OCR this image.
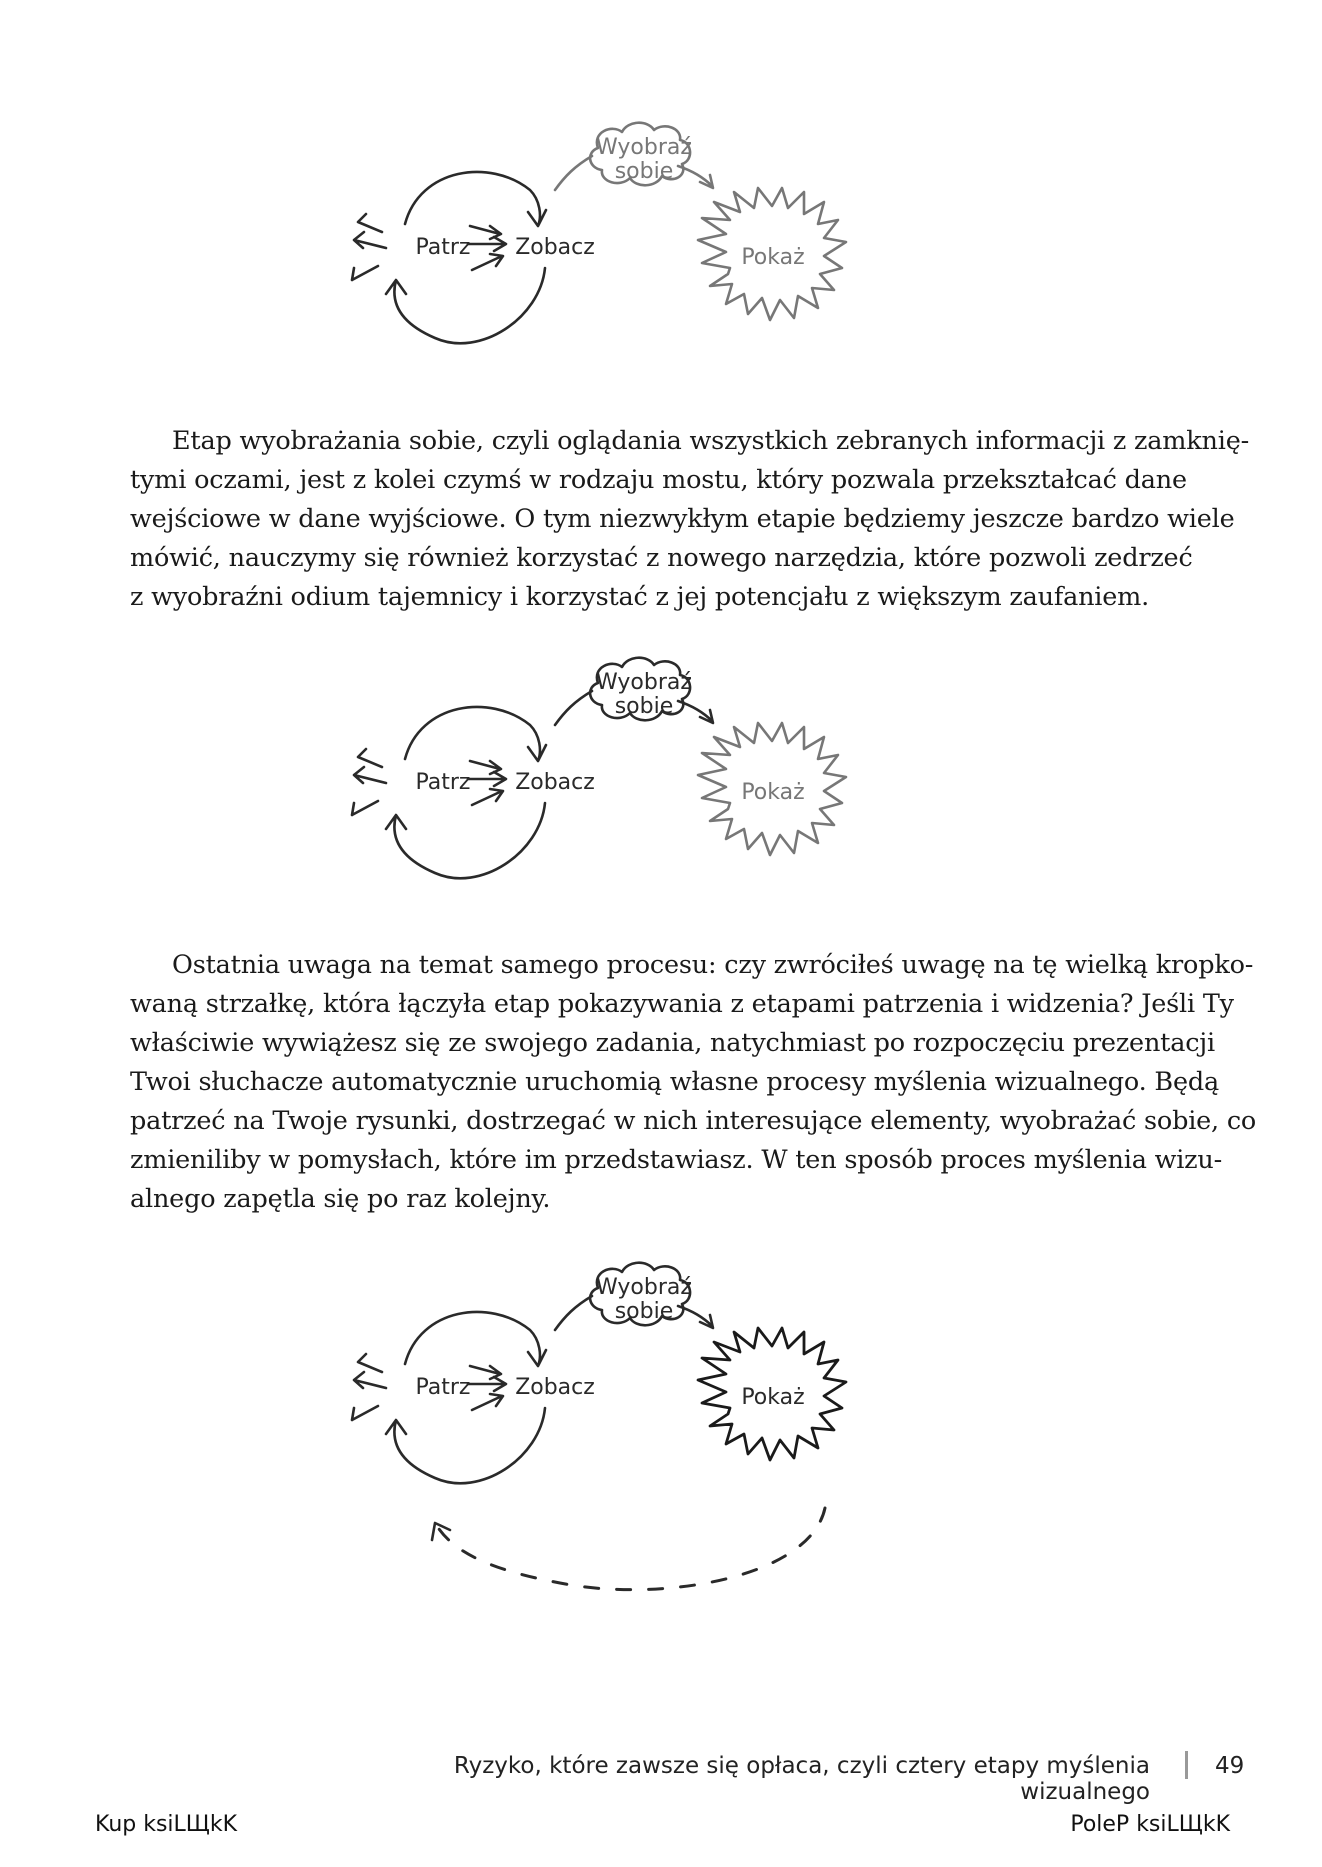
Wyobraź
sobie
Patrz Zobacz	Pokaż
Etap wyobrażania sobie, czyli oglądania wszystkich zebranych informacji z zamknię-
tymi oczami, jest z kolei czymś w rodzaju mostu, który pozwala przekształcać dane
wejściowe w dane wyjściowe. O tym niezwykłym etapie będziemy jeszcze bardzo wiele
mówić, nauczymy się również korzystać z nowego narzędzia, które pozwoli zedrzeć
z wyobraźni odium tajemnicy i korzystać z jej potencjału z większym zaufaniem.
Wyobraź
sobie
Patrz Zobacz	Pokaż
Ostatnia uwaga na temat samego procesu: czy zwróciłeś uwagę na tę wielką kropko-
waną strzałkę, która łączyła etap pokazywania z etapami patrzenia i widzenia? Jeśli Ty
właściwie wywiążesz się ze swojego zadania, natychmiast po rozpoczęciu prezentacji
Twoi słuchacze automatycznie uruchomią własne procesy myślenia wizualnego. Będą
patrzeć na Twoje rysunki, dostrzegać w nich interesujące elementy, wyobrażać sobie, co
zmieniliby w pomysłach, które im przedstawiasz. W ten sposób proces myślenia wizu-
alnego zapętla się po raz kolejny.
Wyobraź
sobie
Patrz Zobacz	Pokaż
Ryzyko, które zawsze się opłaca, czyli cztery etapy myślenia wizualnego
49
Kup ksiLЩkK	PoleP ksiLЩkK
